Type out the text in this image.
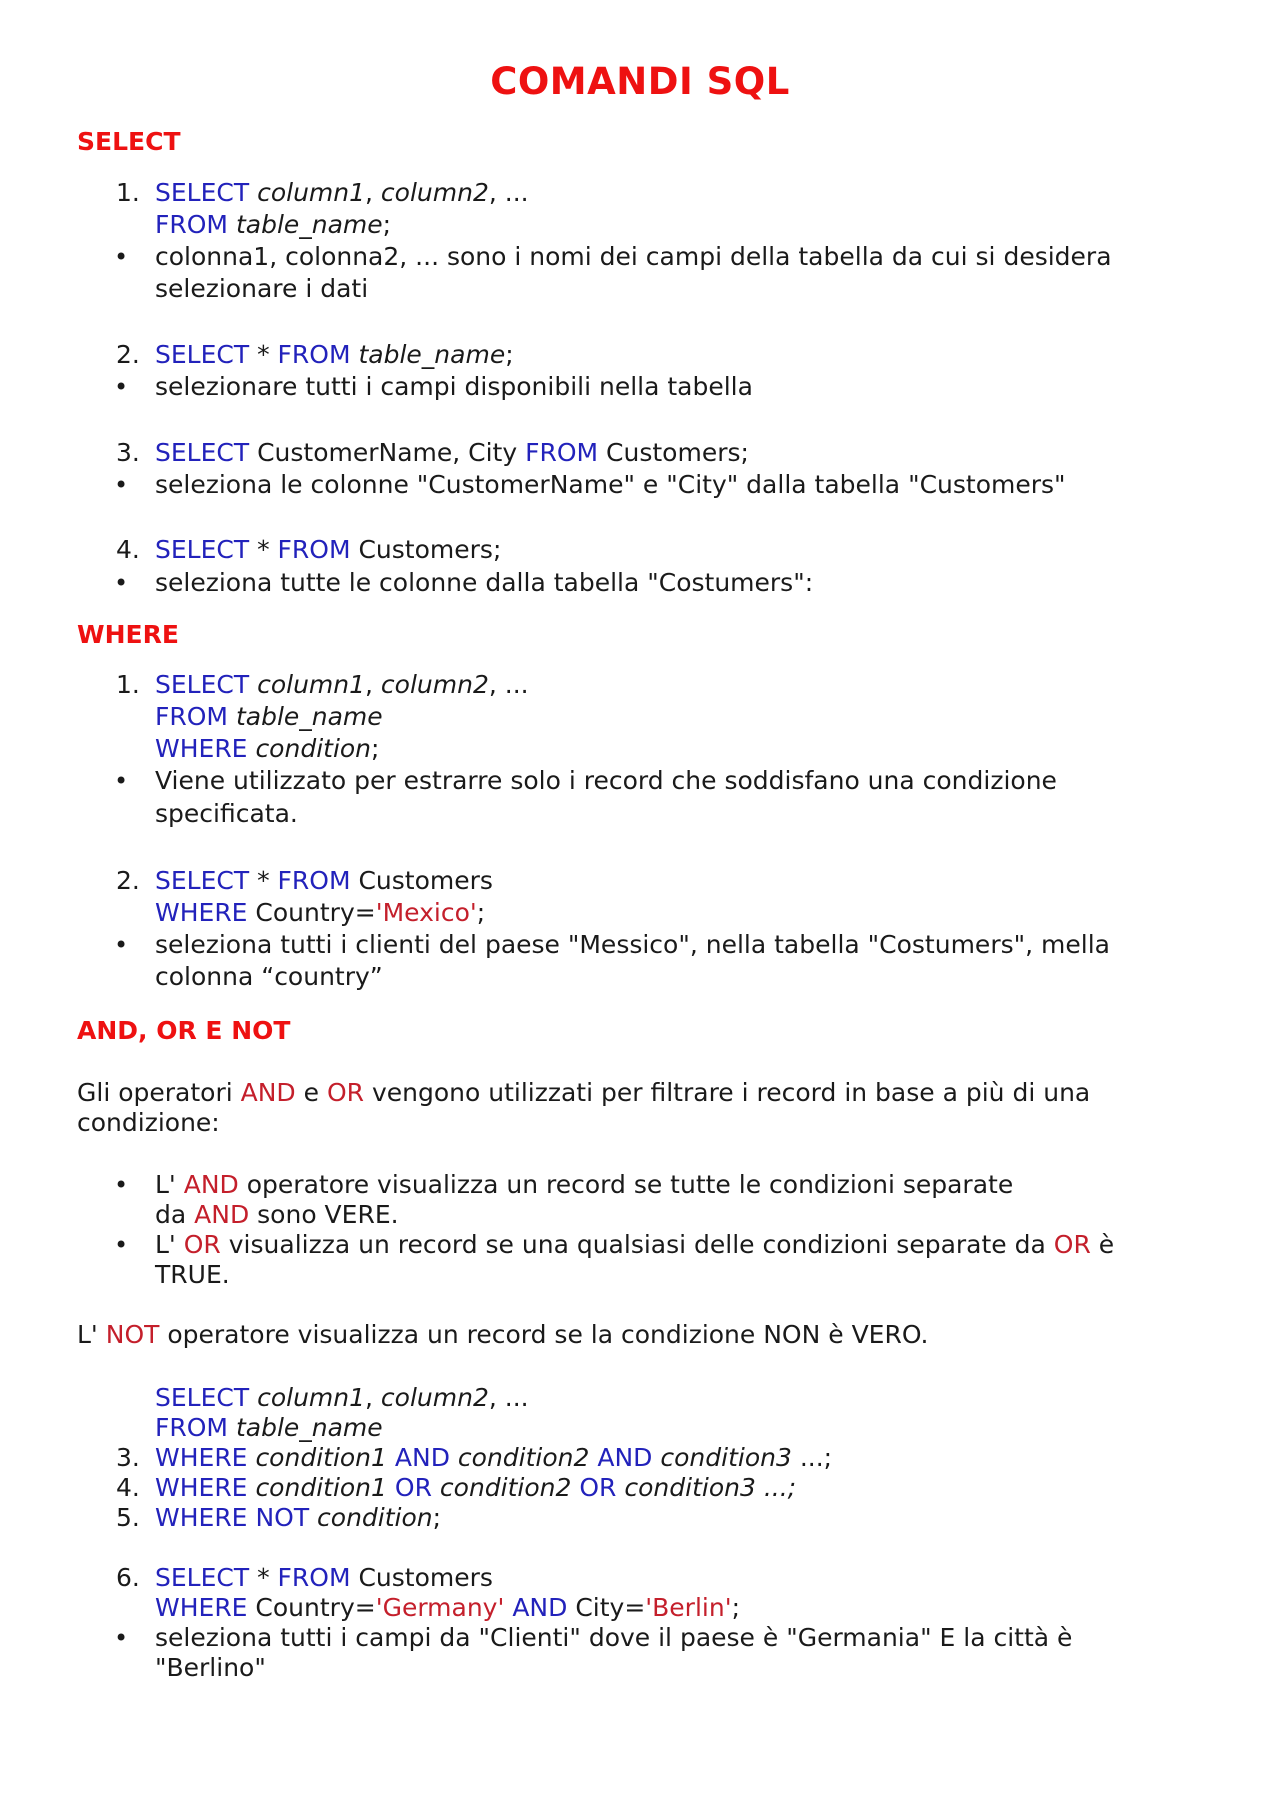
COMANDI SQL
SELECT
1. SELECT column1, column2, ...
FROM table_name;
• colonna1, colonna2, ... sono i nomi dei campi della tabella da cui si desidera
selezionare i dati
2. SELECT * FROM table_name;
• selezionare tutti i campi disponibili nella tabella
3. SELECT CustomerName, City FROM Customers;
• seleziona le colonne "CustomerName" e "City" dalla tabella "Customers"
4. SELECT * FROM Customers;
• seleziona tutte le colonne dalla tabella "Costumers":
WHERE
1. SELECT column1, column2, ...
FROM table_name
WHERE condition;
• Viene utilizzato per estrarre solo i record che soddisfano una condizione
specificata.
2. SELECT * FROM Customers
WHERE Country='Mexico';
• seleziona tutti i clienti del paese "Messico", nella tabella "Costumers", mella
colonna “country”
AND, OR E NOT
Gli operatori AND e OR vengono utilizzati per filtrare i record in base a più di una
condizione:
• L' AND operatore visualizza un record se tutte le condizioni separate
da AND sono VERE.
• L' OR visualizza un record se una qualsiasi delle condizioni separate da OR è
TRUE.
L' NOT operatore visualizza un record se la condizione NON è VERO.
SELECT column1, column2, ...
FROM table_name
3. WHERE condition1 AND condition2 AND condition3 ...;
4. WHERE condition1 OR condition2 OR condition3 ...;
5. WHERE NOT condition;
6. SELECT * FROM Customers
WHERE Country='Germany' AND City='Berlin';
• seleziona tutti i campi da "Clienti" dove il paese è "Germania" E la città è
"Berlino"
